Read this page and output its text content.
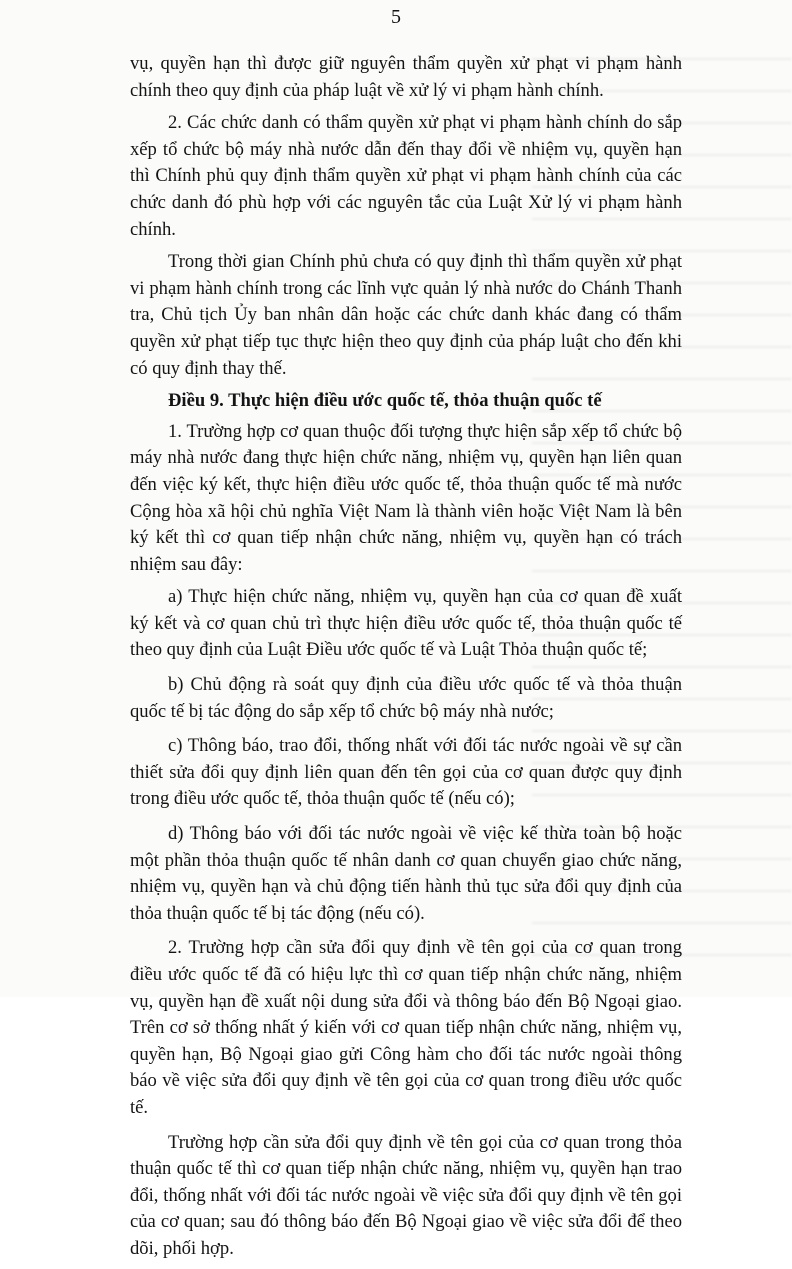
5

vụ, quyền hạn thì được giữ nguyên thẩm quyền xử phạt vi phạm hành chính theo quy định của pháp luật về xử lý vi phạm hành chính.

2. Các chức danh có thẩm quyền xử phạt vi phạm hành chính do sắp xếp tổ chức bộ máy nhà nước dẫn đến thay đổi về nhiệm vụ, quyền hạn thì Chính phủ quy định thẩm quyền xử phạt vi phạm hành chính của các chức danh đó phù hợp với các nguyên tắc của Luật Xử lý vi phạm hành chính.

Trong thời gian Chính phủ chưa có quy định thì thẩm quyền xử phạt vi phạm hành chính trong các lĩnh vực quản lý nhà nước do Chánh Thanh tra, Chủ tịch Ủy ban nhân dân hoặc các chức danh khác đang có thẩm quyền xử phạt tiếp tục thực hiện theo quy định của pháp luật cho đến khi có quy định thay thế.

Điều 9. Thực hiện điều ước quốc tế, thỏa thuận quốc tế

1. Trường hợp cơ quan thuộc đối tượng thực hiện sắp xếp tổ chức bộ máy nhà nước đang thực hiện chức năng, nhiệm vụ, quyền hạn liên quan đến việc ký kết, thực hiện điều ước quốc tế, thỏa thuận quốc tế mà nước Cộng hòa xã hội chủ nghĩa Việt Nam là thành viên hoặc Việt Nam là bên ký kết thì cơ quan tiếp nhận chức năng, nhiệm vụ, quyền hạn có trách nhiệm sau đây:

a) Thực hiện chức năng, nhiệm vụ, quyền hạn của cơ quan đề xuất ký kết và cơ quan chủ trì thực hiện điều ước quốc tế, thỏa thuận quốc tế theo quy định của Luật Điều ước quốc tế và Luật Thỏa thuận quốc tế;

b) Chủ động rà soát quy định của điều ước quốc tế và thỏa thuận quốc tế bị tác động do sắp xếp tổ chức bộ máy nhà nước;

c) Thông báo, trao đổi, thống nhất với đối tác nước ngoài về sự cần thiết sửa đổi quy định liên quan đến tên gọi của cơ quan được quy định trong điều ước quốc tế, thỏa thuận quốc tế (nếu có);

d) Thông báo với đối tác nước ngoài về việc kế thừa toàn bộ hoặc một phần thỏa thuận quốc tế nhân danh cơ quan chuyển giao chức năng, nhiệm vụ, quyền hạn và chủ động tiến hành thủ tục sửa đổi quy định của thỏa thuận quốc tế bị tác động (nếu có).

2. Trường hợp cần sửa đổi quy định về tên gọi của cơ quan trong điều ước quốc tế đã có hiệu lực thì cơ quan tiếp nhận chức năng, nhiệm vụ, quyền hạn đề xuất nội dung sửa đổi và thông báo đến Bộ Ngoại giao. Trên cơ sở thống nhất ý kiến với cơ quan tiếp nhận chức năng, nhiệm vụ, quyền hạn, Bộ Ngoại giao gửi Công hàm cho đối tác nước ngoài thông báo về việc sửa đổi quy định về tên gọi của cơ quan trong điều ước quốc tế.

Trường hợp cần sửa đổi quy định về tên gọi của cơ quan trong thỏa thuận quốc tế thì cơ quan tiếp nhận chức năng, nhiệm vụ, quyền hạn trao đổi, thống nhất với đối tác nước ngoài về việc sửa đổi quy định về tên gọi của cơ quan; sau đó thông báo đến Bộ Ngoại giao về việc sửa đổi để theo dõi, phối hợp.
